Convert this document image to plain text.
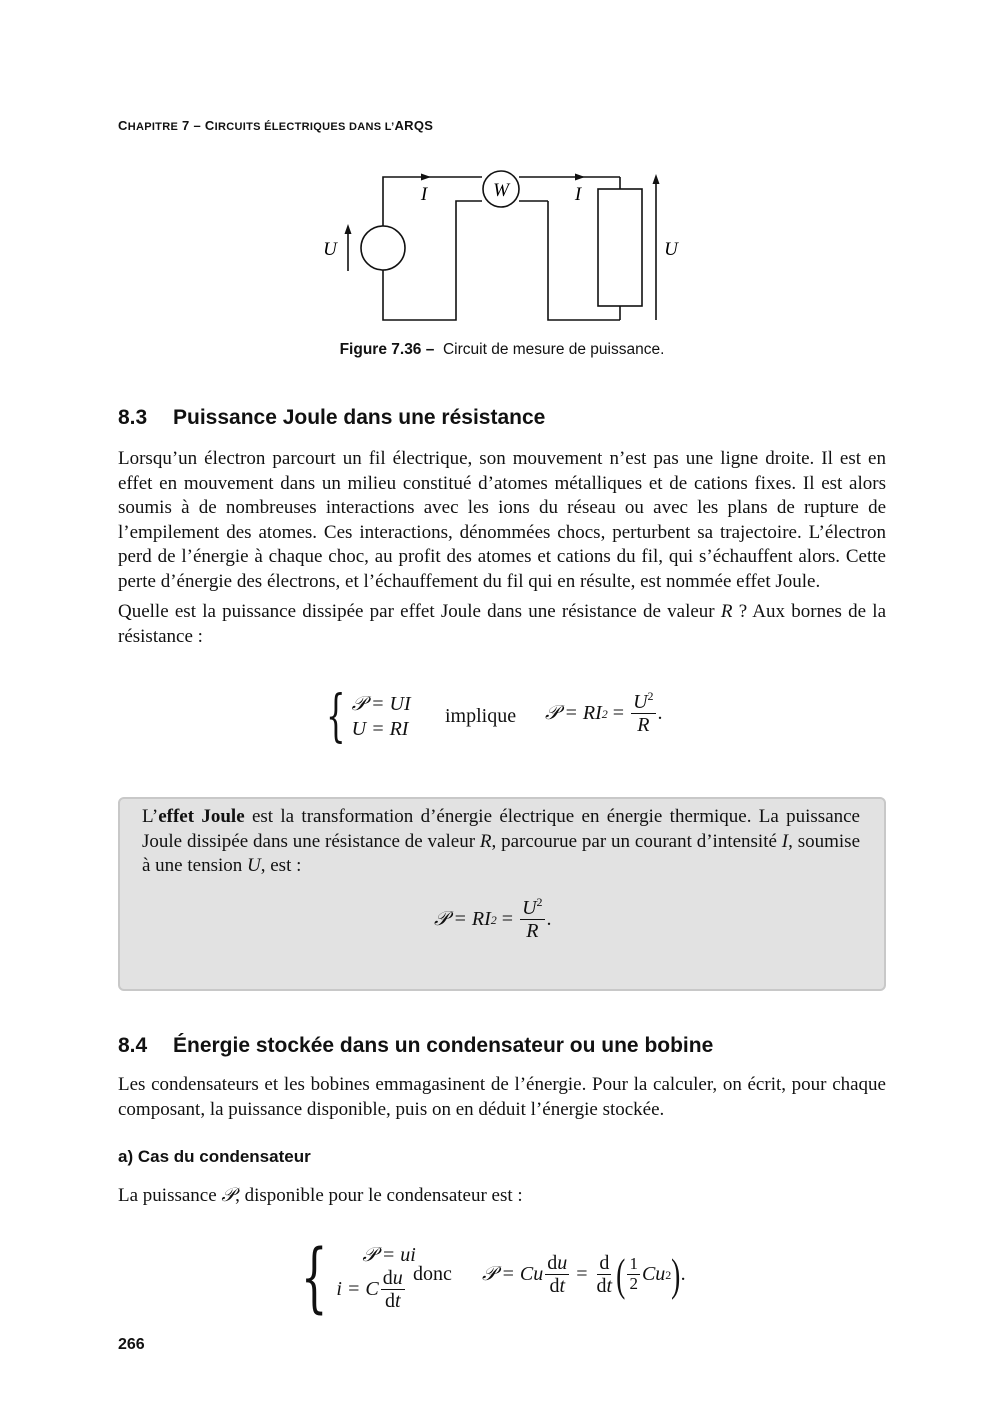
CHAPITRE 7 – CIRCUITS ÉLECTRIQUES DANS L’ARQS
W
I	I
U	U
Figure 7.36 – Circuit de mesure de puissance.
8.3 Puissance Joule dans une résistance

Lorsqu’un électron parcourt un fil électrique, son mouvement n’est pas une ligne droite. Il est en effet en mouvement dans un milieu constitué d’atomes métalliques et de cations fixes. Il est alors soumis à de nombreuses interactions avec les ions du réseau ou avec les plans de rupture de l’empilement des atomes. Ces interactions, dénommées chocs, perturbent sa trajectoire. L’électron perd de l’énergie à chaque choc, au profit des atomes et cations du fil, qui s’échauffent alors. Cette perte d’énergie des électrons, et l’échauffement du fil qui en résulte, est nommée effet Joule.

Quelle est la puissance dissipée par effet Joule dans une résistance de valeur R ? Aux bornes de la résistance :

{ 𝒫 = UI
U = RI
implique 𝒫 = RI 2
=
$\frac{U^2}{R}$ .

L’effet Joule est la transformation d’énergie électrique en énergie thermique. La puissance Joule dissipée dans une résistance de valeur R, parcourue par un courant d’intensité I, soumise à une tension U, est :

𝒫 = RI 2
=
$\frac{U^2}{R}$ .
8.4 Énergie stockée dans un condensateur ou une bobine

Les condensateurs et les bobines emmagasinent de l’énergie. Pour la calculer, on écrit, pour chaque composant, la puissance disponible, puis on en déduit l’énergie stockée.

a) Cas du condensateur

La puissance 𝒫, disponible pour le condensateur est :

{ 𝒫 = ui
i = C $\frac{du}{dt}$ donc 𝒫 = Cu $\frac{du}{dt}$
=
$\frac{d}{dt}$ ( $\frac{1}{2}$ Cu 2 ) .
266
